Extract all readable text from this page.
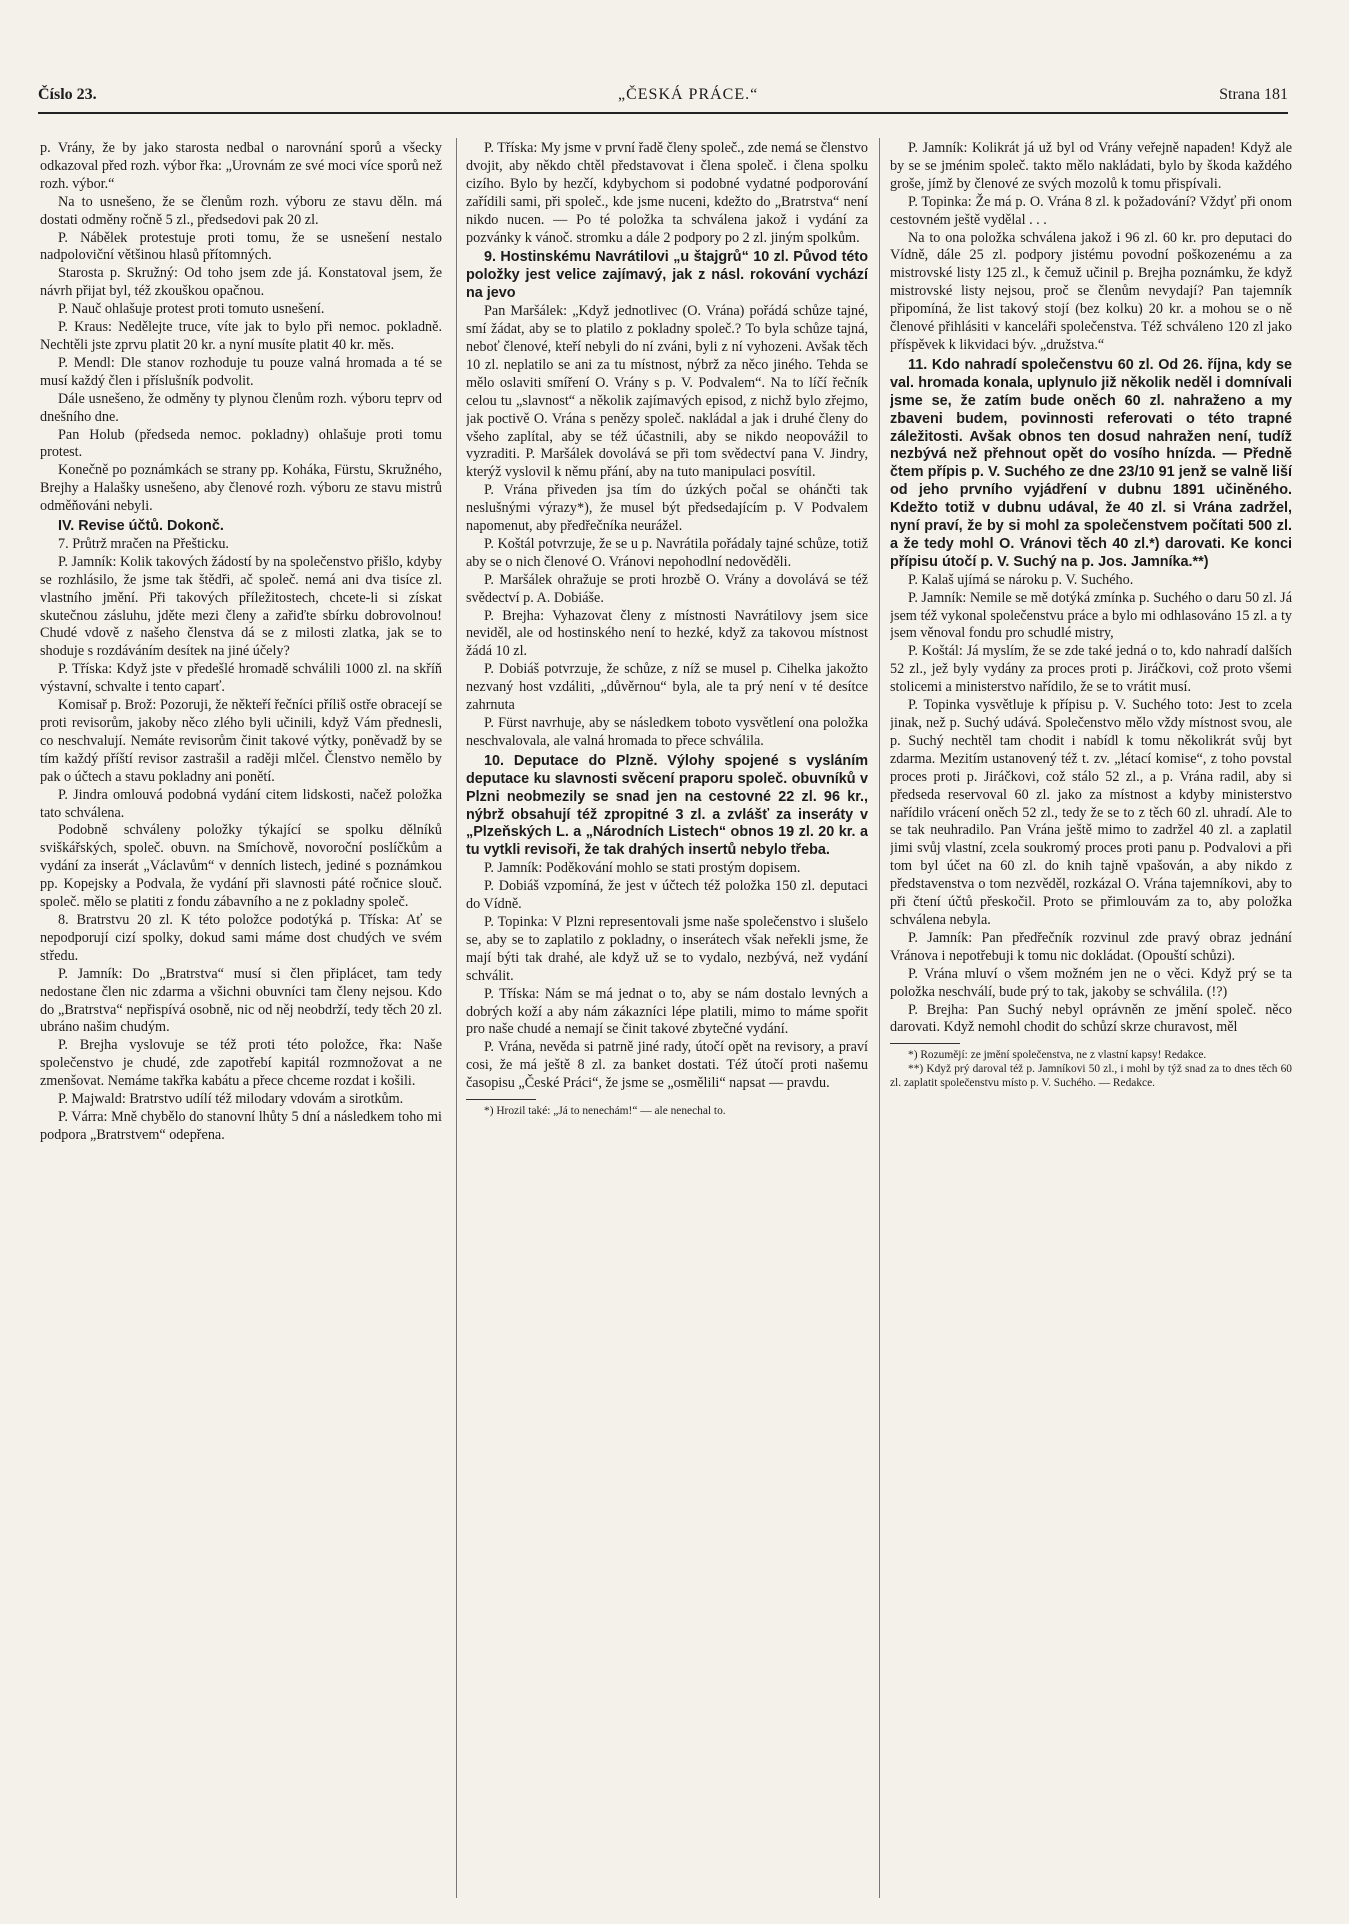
Číslo 23.	„ČESKÁ PRÁCE.“	Strana 181

p. Vrány, že by jako starosta nedbal o narovnání sporů a všecky odkazoval před rozh. výbor řka: „Urovnám ze své moci více sporů než rozh. výbor.“

Na to usnešeno, že se členům rozh. výboru ze stavu děln. má dostati odměny ročně 5 zl., předsedovi pak 20 zl.

P. Nábělek protestuje proti tomu, že se usnešení nestalo nadpoloviční většinou hlasů přítomných.

Starosta p. Skružný: Od toho jsem zde já. Konstatoval jsem, že návrh přijat byl, též zkouškou opačnou.

P. Nauč ohlašuje protest proti tomuto usnešení.

P. Kraus: Nedělejte truce, víte jak to bylo při nemoc. pokladně. Nechtěli jste zprvu platit 20 kr. a nyní musíte platit 40 kr. měs.

P. Mendl: Dle stanov rozhoduje tu pouze valná hromada a té se musí každý člen i příslušník podvolit.

Dále usnešeno, že odměny ty plynou členům rozh. výboru teprv od dnešního dne.

Pan Holub (předseda nemoc. pokladny) ohlašuje proti tomu protest.

Konečně po poznámkách se strany pp. Koháka, Fürstu, Skružného, Brejhy a Halašky usnešeno, aby členové rozh. výboru ze stavu mistrů odměňováni nebyli.

IV. Revise účtů. Dokonč.

7. Průtrž mračen na Přešticku.

P. Jamník: Kolik takových žádostí by na společenstvo přišlo, kdyby se rozhlásilo, že jsme tak štědři, ač společ. nemá ani dva tisíce zl. vlastního jmění. Při takových příležitostech, chcete-li si získat skutečnou zásluhu, jděte mezi členy a zařiďte sbírku dobrovolnou! Chudé vdově z našeho členstva dá se z milosti zlatka, jak se to shoduje s rozdáváním desítek na jiné účely?

P. Tříska: Když jste v předešlé hromadě schválili 1000 zl. na skříň výstavní, schvalte i tento caparť.

Komisař p. Brož: Pozoruji, že někteří řečníci příliš ostře obracejí se proti revisorům, jakoby něco zlého byli učinili, když Vám přednesli, co neschvalují. Nemáte revisorům činit takové výtky, poněvadž by se tím každý příští revisor zastrašil a raději mlčel. Členstvo nemělo by pak o účtech a stavu pokladny ani ponětí.

P. Jindra omlouvá podobná vydání citem lidskosti, načež položka tato schválena.

Podobně schváleny položky týkající se spolku dělníků sviškářských, společ. obuvn. na Smíchově, novoroční poslíčkům a vydání za inserát „Václavům“ v denních listech, jediné s poznámkou pp. Kopejsky a Podvala, že vydání při slavnosti páté ročnice slouč. společ. mělo se platiti z fondu zábavního a ne z pokladny společ.

8. Bratrstvu 20 zl. K této položce podotýká p. Tříska: Ať se nepodporují cizí spolky, dokud sami máme dost chudých ve svém středu.

P. Jamník: Do „Bratrstva“ musí si člen připlácet, tam tedy nedostane člen nic zdarma a všichni obuvníci tam členy nejsou. Kdo do „Bratrstva“ nepřispívá osobně, nic od něj neobdrží, tedy těch 20 zl. ubráno našim chudým.

P. Brejha vyslovuje se též proti této položce, řka: Naše společenstvo je chudé, zde zapotřebí kapitál rozmnožovat a ne zmenšovat. Nemáme takřka kabátu a přece chceme rozdat i košili.

P. Majwald: Bratrstvo udílí též milodary vdovám a sirotkům.

P. Várra: Mně chybělo do stanovní lhůty 5 dní a následkem toho mi podpora „Bratrstvem“ odepřena.

P. Tříska: My jsme v první řadě členy společ., zde nemá se členstvo dvojit, aby někdo chtěl představovat i člena společ. i člena spolku cizího. Bylo by hezčí, kdybychom si podobné vydatné podporování zařídili sami, při společ., kde jsme nuceni, kdežto do „Bratrstva“ není nikdo nucen. — Po té položka ta schválena jakož i vydání za pozvánky k vánoč. stromku a dále 2 podpory po 2 zl. jiným spolkům.

9. Hostinskému Navrátilovi „u štajgrů“ 10 zl. Původ této položky jest velice zajímavý, jak z násl. rokování vychází na jevo

Pan Maršálek: „Když jednotlivec (O. Vrána) pořádá schůze tajné, smí žádat, aby se to platilo z pokladny společ.? To byla schůze tajná, neboť členové, kteří nebyli do ní zváni, byli z ní vyhozeni. Avšak těch 10 zl. neplatilo se ani za tu místnost, nýbrž za něco jiného. Tehda se mělo oslaviti smíření O. Vrány s p. V. Podvalem“. Na to líčí řečník celou tu „slavnost“ a několik zajímavých episod, z nichž bylo zřejmo, jak poctivě O. Vrána s penězy společ. nakládal a jak i druhé členy do všeho zaplítal, aby se též účastnili, aby se nikdo neopovážil to vyzraditi. P. Maršálek dovolává se při tom svědectví pana V. Jindry, kterýž vyslovil k němu přání, aby na tuto manipulaci posvítil.

P. Vrána přiveden jsa tím do úzkých počal se ohánčti tak neslušnými výrazy*), že musel být předsedajícím p. V Podvalem napomenut, aby předřečníka neurážel.

P. Koštál potvrzuje, že se u p. Navrátila pořádaly tajné schůze, totiž aby se o nich členové O. Vránovi nepohodlní nedověděli.

P. Maršálek ohražuje se proti hrozbě O. Vrány a dovolává se též svědectví p. A. Dobiáše.

P. Brejha: Vyhazovat členy z místnosti Navrátilovy jsem sice neviděl, ale od hostinského není to hezké, když za takovou místnost žádá 10 zl.

P. Dobiáš potvrzuje, že schůze, z níž se musel p. Cihelka jakožto nezvaný host vzdáliti, „důvěrnou“ byla, ale ta prý není v té desítce zahrnuta

P. Fürst navrhuje, aby se následkem toboto vysvětlení ona položka neschvalovala, ale valná hromada to přece schválila.

10. Deputace do Plzně. Výlohy spojené s vysláním deputace ku slavnosti svěcení praporu společ. obuvníků v Plzni neobmezily se snad jen na cestovné 22 zl. 96 kr., nýbrž obsahují též zpropitné 3 zl. a zvlášť za inseráty v „Plzeňských L. a „Národních Listech“ obnos 19 zl. 20 kr. a tu vytkli revisoři, že tak drahých insertů nebylo třeba.

P. Jamník: Poděkování mohlo se stati prostým dopisem.

P. Dobiáš vzpomíná, že jest v účtech též položka 150 zl. deputaci do Vídně.

P. Topinka: V Plzni representovali jsme naše společenstvo i slušelo se, aby se to zaplatilo z pokladny, o inserátech však neřekli jsme, že mají býti tak drahé, ale když už se to vydalo, nezbývá, než vydání schválit.

P. Tříska: Nám se má jednat o to, aby se nám dostalo levných a dobrých koží a aby nám zákazníci lépe platili, mimo to máme spořit pro naše chudé a nemají se činit takové zbytečné vydání.

P. Vrána, nevěda si patrně jiné rady, útočí opět na revisory, a praví cosi, že má ještě 8 zl. za banket dostati. Též útočí proti našemu časopisu „České Práci“, že jsme se „osmělili“ napsat — pravdu.

*) Hrozil také: „Já to nenechám!“ — ale nenechal to.

P. Jamník: Kolikrát já už byl od Vrány veřejně napaden! Když ale by se se jménim společ. takto mělo nakládati, bylo by škoda každého groše, jímž by členové ze svých mozolů k tomu přispívali.

P. Topinka: Že má p. O. Vrána 8 zl. k požadování? Vždyť při onom cestovném ještě vydělal . . .

Na to ona položka schválena jakož i 96 zl. 60 kr. pro deputaci do Vídně, dále 25 zl. podpory jistému povodní poškozenému a za mistrovské listy 125 zl., k čemuž učinil p. Brejha poznámku, že když mistrovské listy nejsou, proč se členům nevydají? Pan tajemník připomíná, že list takový stojí (bez kolku) 20 kr. a mohou se o ně členové přihlásiti v kanceláři společenstva. Též schváleno 120 zl jako příspěvek k likvidaci býv. „družstva.“

11. Kdo nahradí společenstvu 60 zl. Od 26. října, kdy se val. hromada konala, uplynulo již několik neděl i domnívali jsme se, že zatím bude oněch 60 zl. nahraženo a my zbaveni budem, povinnosti referovati o této trapné záležitosti. Avšak obnos ten dosud nahražen není, tudíž nezbývá než přehnout opět do vosího hnízda. — Předně čtem přípis p. V. Suchého ze dne 23/10 91 jenž se valně liší od jeho prvního vyjádření v dubnu 1891 učiněného. Kdežto totiž v dubnu udával, že 40 zl. si Vrána zadržel, nyní praví, že by si mohl za společenstvem počítati 500 zl. a že tedy mohl O. Vránovi těch 40 zl.*) darovati. Ke konci přípisu útočí p. V. Suchý na p. Jos. Jamníka.**)

P. Kalaš ujímá se nároku p. V. Suchého.

P. Jamník: Nemile se mě dotýká zmínka p. Suchého o daru 50 zl. Já jsem též vykonal společenstvu práce a bylo mi odhlasováno 15 zl. a ty jsem věnoval fondu pro schudlé mistry,

P. Koštál: Já myslím, že se zde také jedná o to, kdo nahradí dalších 52 zl., jež byly vydány za proces proti p. Jiráčkovi, což proto všemi stolicemi a ministerstvo nařídilo, že se to vrátit musí.

P. Topinka vysvětluje k přípisu p. V. Suchého toto: Jest to zcela jinak, než p. Suchý udává. Společenstvo mělo vždy místnost svou, ale p. Suchý nechtěl tam chodit i nabídl k tomu několikrát svůj byt zdarma. Mezitím ustanovený též t. zv. „létací komise“, z toho povstal proces proti p. Jiráčkovi, což stálo 52 zl., a p. Vrána radil, aby si předseda reservoval 60 zl. jako za místnost a kdyby ministerstvo nařídilo vrácení oněch 52 zl., tedy že se to z těch 60 zl. uhradí. Ale to se tak neuhradilo. Pan Vrána ještě mimo to zadržel 40 zl. a zaplatil jimi svůj vlastní, zcela soukromý proces proti panu p. Podvalovi a při tom byl účet na 60 zl. do knih tajně vpašován, a aby nikdo z představenstva o tom nezvěděl, rozkázal O. Vrána tajemníkovi, aby to při čtení účtů přeskočil. Proto se přimlouvám za to, aby položka schválena nebyla.

P. Jamník: Pan předřečník rozvinul zde pravý obraz jednání Vránova i nepotřebuji k tomu nic dokládat. (Opouští schůzi).

P. Vrána mluví o všem možném jen ne o věci. Když prý se ta položka neschválí, bude prý to tak, jakoby se schválila. (!?)

P. Brejha: Pan Suchý nebyl oprávněn ze jmění společ. něco darovati. Když nemohl chodit do schůzí skrze churavost, měl

*) Rozumějí: ze jmění společenstva, ne z vlastní kapsy! Redakce.

**) Když prý daroval též p. Jamníkovi 50 zl., i mohl by týž snad za to dnes těch 60 zl. zaplatit společenstvu místo p. V. Suchého. — Redakce.
